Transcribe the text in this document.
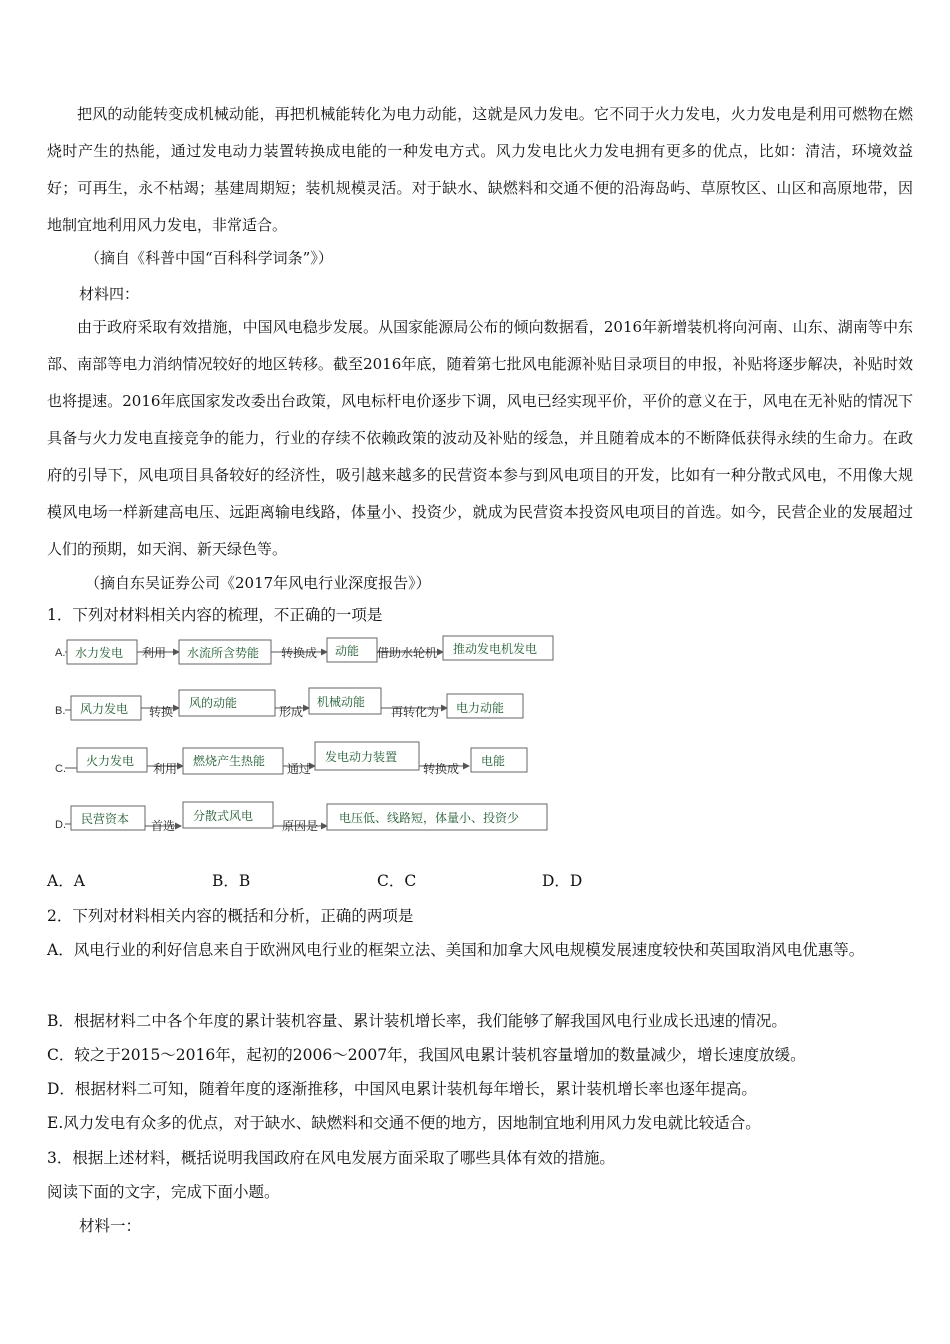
把风的动能转变成机械动能，再把机械能转化为电力动能，这就是风力发电。它不同于火力发电，火力发电是利用可燃物在燃烧时产生的热能，通过发电动力装置转换成电能的一种发电方式。风力发电比火力发电拥有更多的优点，比如：清洁，环境效益好；可再生，永不枯竭；基建周期短；装机规模灵活。对于缺水、缺燃料和交通不便的沿海岛屿、草原牧区、山区和高原地带，因地制宜地利用风力发电，非常适合。

（摘自《科普中国“百科科学词条”》）

材料四：

由于政府采取有效措施，中国风电稳步发展。从国家能源局公布的倾向数据看，2016年新增装机将向河南、山东、湖南等中东部、南部等电力消纳情况较好的地区转移。截至2016年底，随着第七批风电能源补贴目录项目的申报，补贴将逐步解决，补贴时效也将提速。2016年底国家发改委出台政策，风电标杆电价逐步下调，风电已经实现平价，平价的意义在于，风电在无补贴的情况下具备与火力发电直接竞争的能力，行业的存续不依赖政策的波动及补贴的绥急，并且随着成本的不断降低获得永续的生命力。在政府的引导下，风电项目具备较好的经济性，吸引越来越多的民营资本参与到风电项目的开发，比如有一种分散式风电，不用像大规模风电场一样新建高电压、远距离输电线路，体量小、投资少，就成为民营资本投资风电项目的首选。如今，民营企业的发展超过人们的预期，如天润、新天绿色等。

（摘自东吴证券公司《2017年风电行业深度报告》）

1．下列对材料相关内容的梳理，不正确的一项是

A. 水力发电 利用 水流所含势能 转换成 动能 借助水轮机 推动发电机发电
B. 风力发电 转换
风的动能
形成
机械动能
再转化为 电力动能
C.
火力发电
利用
燃烧产生热能
通过
发电动力装置
转换成
电能
D. 民营资本 首选
分散式风电
原因是
电压低、线路短，体量小、投资少
A．A	B．B	C．C	D．D

2．下列对材料相关内容的概括和分析，正确的两项是

A．风电行业的利好信息来自于欧洲风电行业的框架立法、美国和加拿大风电规模发展速度较快和英国取消风电优惠等。

B．根据材料二中各个年度的累计装机容量、累计装机增长率，我们能够了解我国风电行业成长迅速的情况。

C．较之于2015～2016年，起初的2006～2007年，我国风电累计装机容量增加的数量减少，增长速度放缓。

D．根据材料二可知，随着年度的逐渐推移，中国风电累计装机每年增长，累计装机增长率也逐年提高。

E.风力发电有众多的优点，对于缺水、缺燃料和交通不便的地方，因地制宜地利用风力发电就比较适合。

3．根据上述材料，概括说明我国政府在风电发展方面采取了哪些具体有效的措施。

阅读下面的文字，完成下面小题。

材料一：
